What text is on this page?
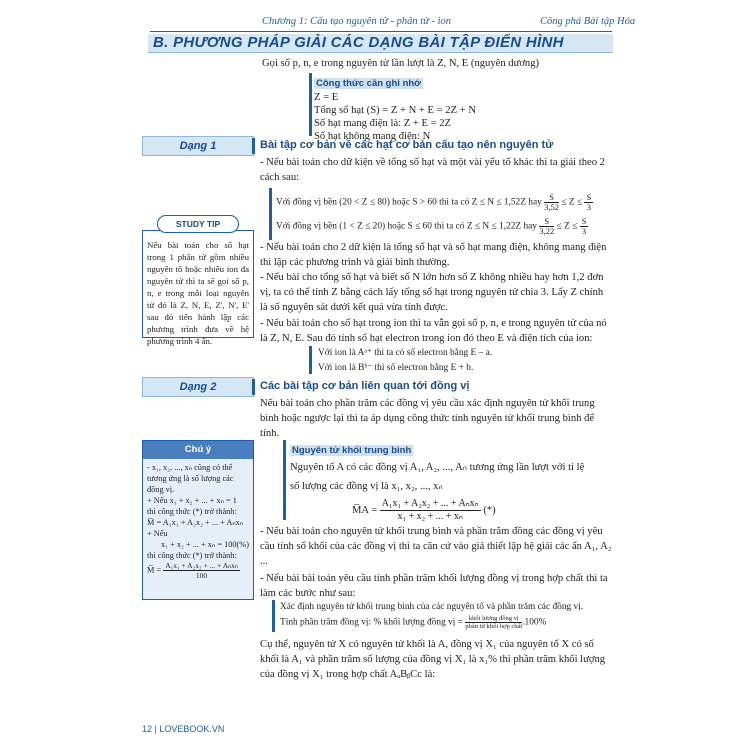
Chương 1: Cấu tạo nguyên tử - phân tử - ion	Công phá Bài tập Hóa
B. PHƯƠNG PHÁP GIẢI CÁC DẠNG BÀI TẬP ĐIỂN HÌNH
Gọi số p, n, e trong nguyên tử lần lượt là Z, N, E (nguyên dương)
Công thức cần ghi nhớ
Z = E
Tổng số hạt (S) = Z + N + E = 2Z + N
Số hạt mang điện là: Z + E = 2Z
Số hạt không mang điện: N
Dạng 1	Bài tập cơ bản về các hạt cơ bản cấu tạo nên nguyên tử
- Nếu bài toán cho dữ kiện về tổng số hạt và một vài yếu tố khác thì ta giải theo 2 cách sau:
Với đồng vị bền (20 < Z ≤ 80) hoặc S > 60 thì ta có Z ≤ N ≤ 1,52Z hay $\frac{S}{3,52} \le Z \le \frac{S}{3}$
Với đồng vị bền (1 < Z ≤ 20) hoặc S ≤ 60 thì ta có Z ≤ N ≤ 1,22Z hay $\frac{S}{3,22} \le Z \le \frac{S}{3}$
- Nếu bài toán cho 2 dữ kiện là tổng số hạt và số hạt mang điện, không mang điện thì lập các phương trình và giải bình thường.
- Nếu bài cho tổng số hạt và biết số N lớn hơn số Z không nhiều hay hơn 1,2 đơn vị, ta có thể tính Z bằng cách lấy tổng số hạt trong nguyên tử chia 3. Lấy Z chính là số nguyên sát dưới kết quả vừa tính được.
- Nếu bài toán cho số hạt trong ion thì ta vẫn gọi số p, n, e trong nguyên tử của nó là Z, N, E. Sau đó tính số hạt electron trong ion đó theo E và điện tích của ion:
Với ion là Aᵃ⁺ thì ta có số electron bằng E – a.
Với ion là Bᵇ⁻ thì số electron bằng E + b.
Nếu bài toán cho số hạt trong 1 phân tử gồm nhiều nguyên tố hoặc nhiều ion đa nguyên tử thì ta sẽ gọi số p, n, e trong mỗi loại nguyên tử đó là Z, N, E, Z', N', E' sau đó tiến hành lập các phương trình đưa về hệ phương trình 4 ẩn.
STUDY TIP
Dạng 2	Các bài tập cơ bản liên quan tới đồng vị
Nếu bài toán cho phần trăm các đồng vị yêu cầu xác định nguyên tử khối trung bình hoặc ngược lại thì ta áp dụng công thức tính nguyên tử khối trung bình để tính.
Nguyên tử khối trung bình
Nguyên tố A có các đồng vị A₁, A₂, ..., Aₙ tương ứng lần lượt với tỉ lệ
số lượng các đồng vị là x₁, x₂, ..., xₙ
M̅A = $\frac{\text{A₁x₁ + A₂x₂ + ... + Aₙxₙ}}{\text{x₁ + x₂ + ... + xₙ}}$ (*)
- Nếu bài toán cho nguyên tử khối trung bình và phần trăm đồng các đồng vị yêu cầu tính số khối của các đồng vị thì ta căn cứ vào giả thiết lập hệ giải các ẩn A₁, A₂ ...
- Nếu bài bài toán yêu cầu tính phần trăm khối lượng đồng vị trong hợp chất thì ta làm các bước như sau:
Xác định nguyên tử khối trung bình của các nguyên tố và phần trăm các đồng vị.
Tính phần trăm đồng vị: % khối lượng đồng vị = $\frac{\text{khối lượng đồng vị}}{\text{phân tử khối hợp chất}} .100\%$
Cụ thể, nguyên tử X có nguyên tử khối là A, đồng vị X₁ của nguyên tố X có số khối là A₁ và phần trăm số lượng của đồng vị X₁ là x₁% thì phần trăm khối lượng của đồng vị X₁ trong hợp chất AₐBᵦCc là:
Chú ý
- x₁, x₂, ..., xₙ cũng có thể tương ứng là số lượng các đồng vị.
+ Nếu x₁ + x₂ + ... + xₙ = 1
thì công thức (*) trở thành:
M̅ = A₁x₁ + A₂x₂ + ... + Aₙxₙ
+ Nếu
x₁ + x₂ + ... + xₙ = 100(%)
thì công thức (*) trở thành:
M̅ = $\frac{\text{A₁x₁ + A₂x₂ + ... + Aₙxₙ}}{100}$
12 | LOVEBOOK.VN
